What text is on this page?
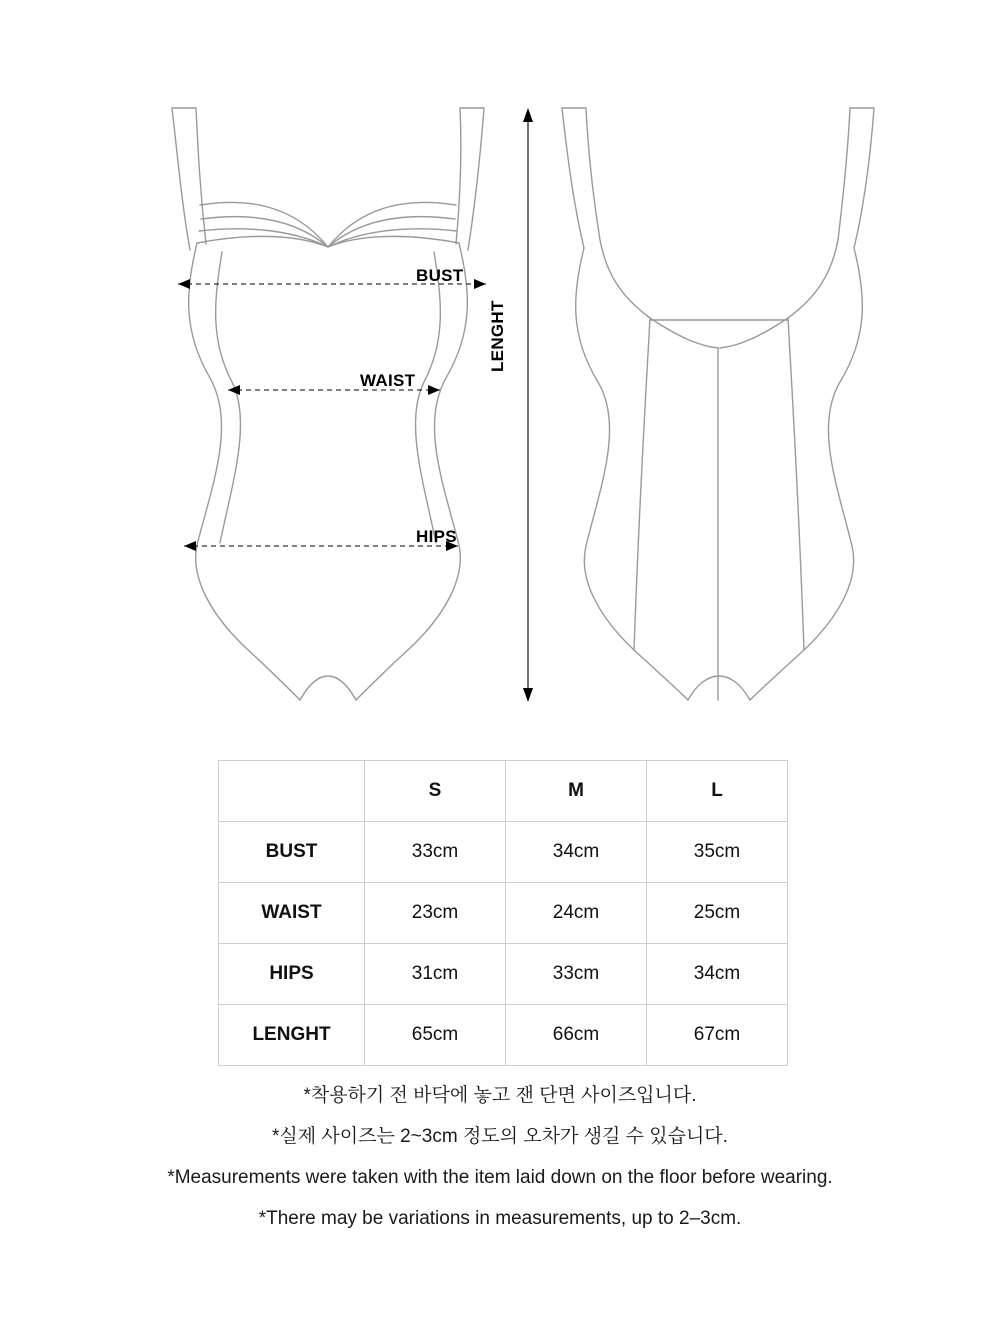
BUST
WAIST
HIPS
LENGHT
	S	M	L
BUST	33cm	34cm	35cm
WAIST	23cm	24cm	25cm
HIPS	31cm	33cm	34cm
LENGHT	65cm	66cm	67cm

*착용하기 전 바닥에 놓고 잰 단면 사이즈입니다.

*실제 사이즈는 2~3cm 정도의 오차가 생길 수 있습니다.

*Measurements were taken with the item laid down on the floor before wearing.

*There may be variations in measurements, up to 2–3cm.
